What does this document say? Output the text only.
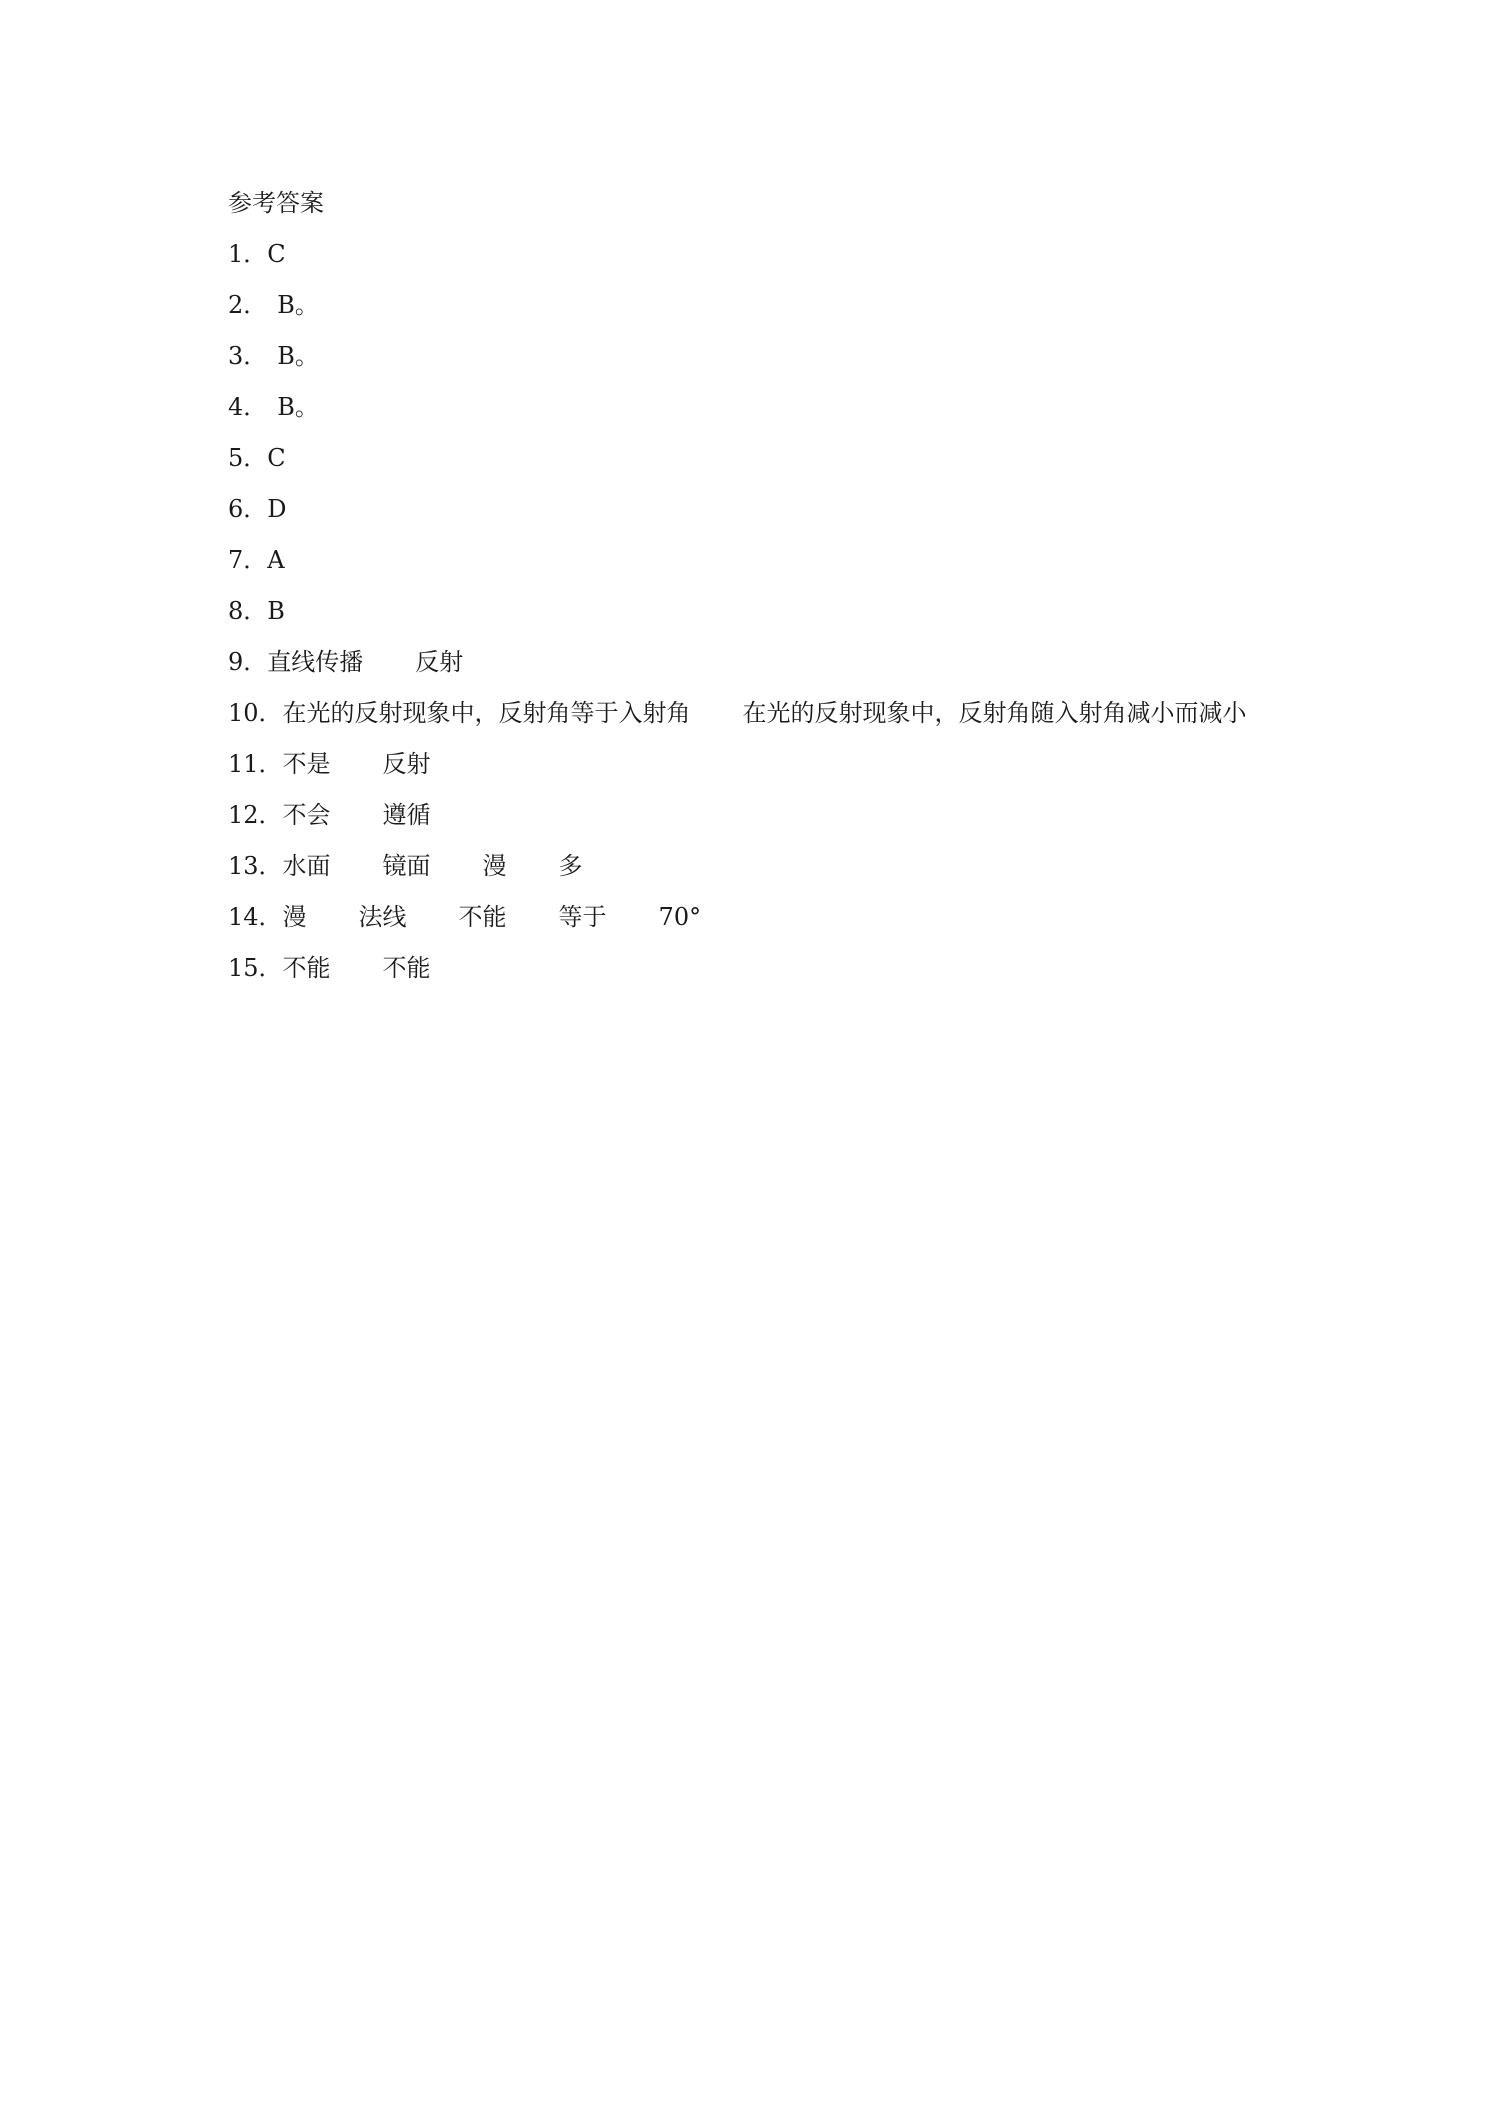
参考答案
1．C
2． B。
3． B。
4． B。
5．C
6．D
7．A
8．B
9．直线传播 反射
10．在光的反射现象中，反射角等于入射角 在光的反射现象中，反射角随入射角减小而减小
11．不是 反射
12．不会 遵循
13．水面 镜面 漫 多
14．漫 法线 不能 等于 70°
15．不能 不能
